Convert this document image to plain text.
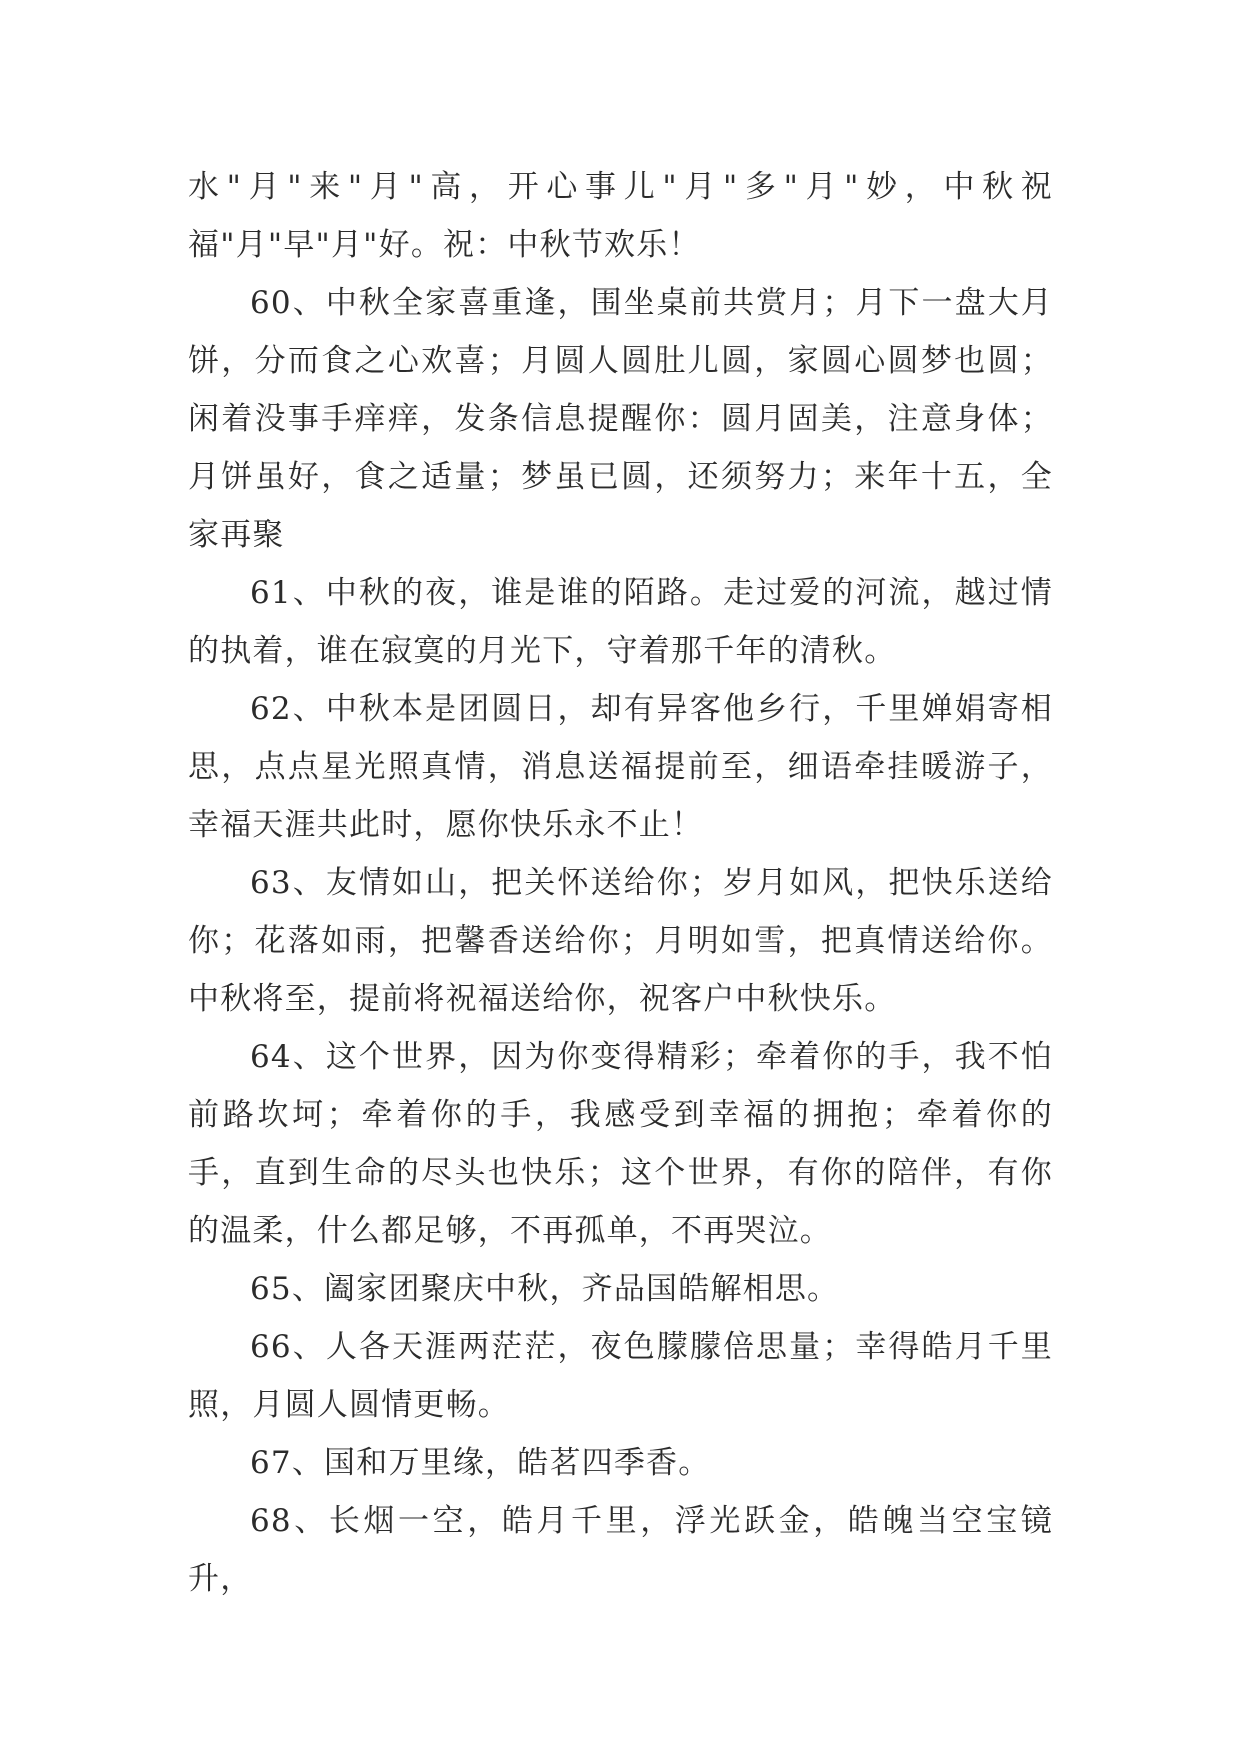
水"月"来"月"高，开心事儿"月"多"月"妙，中秋祝福"月"早"月"好。祝：中秋节欢乐！

60、中秋全家喜重逢，围坐桌前共赏月；月下一盘大月饼，分而食之心欢喜；月圆人圆肚儿圆，家圆心圆梦也圆；闲着没事手痒痒，发条信息提醒你：圆月固美，注意身体；月饼虽好，食之适量；梦虽已圆，还须努力；来年十五，全家再聚

61、中秋的夜，谁是谁的陌路。走过爱的河流，越过情的执着，谁在寂寞的月光下，守着那千年的清秋。

62、中秋本是团圆日，却有异客他乡行，千里婵娟寄相思，点点星光照真情，消息送福提前至，细语牵挂暖游子，幸福天涯共此时，愿你快乐永不止！

63、友情如山，把关怀送给你；岁月如风，把快乐送给你；花落如雨，把馨香送给你；月明如雪，把真情送给你。中秋将至，提前将祝福送给你，祝客户中秋快乐。

64、这个世界，因为你变得精彩；牵着你的手，我不怕前路坎坷；牵着你的手，我感受到幸福的拥抱；牵着你的手，直到生命的尽头也快乐；这个世界，有你的陪伴，有你的温柔，什么都足够，不再孤单，不再哭泣。

65、阖家团聚庆中秋，齐品国皓解相思。

66、人各天涯两茫茫，夜色朦朦倍思量；幸得皓月千里照，月圆人圆情更畅。

67、国和万里缘，皓茗四季香。

68、长烟一空，皓月千里，浮光跃金，皓魄当空宝镜升，
